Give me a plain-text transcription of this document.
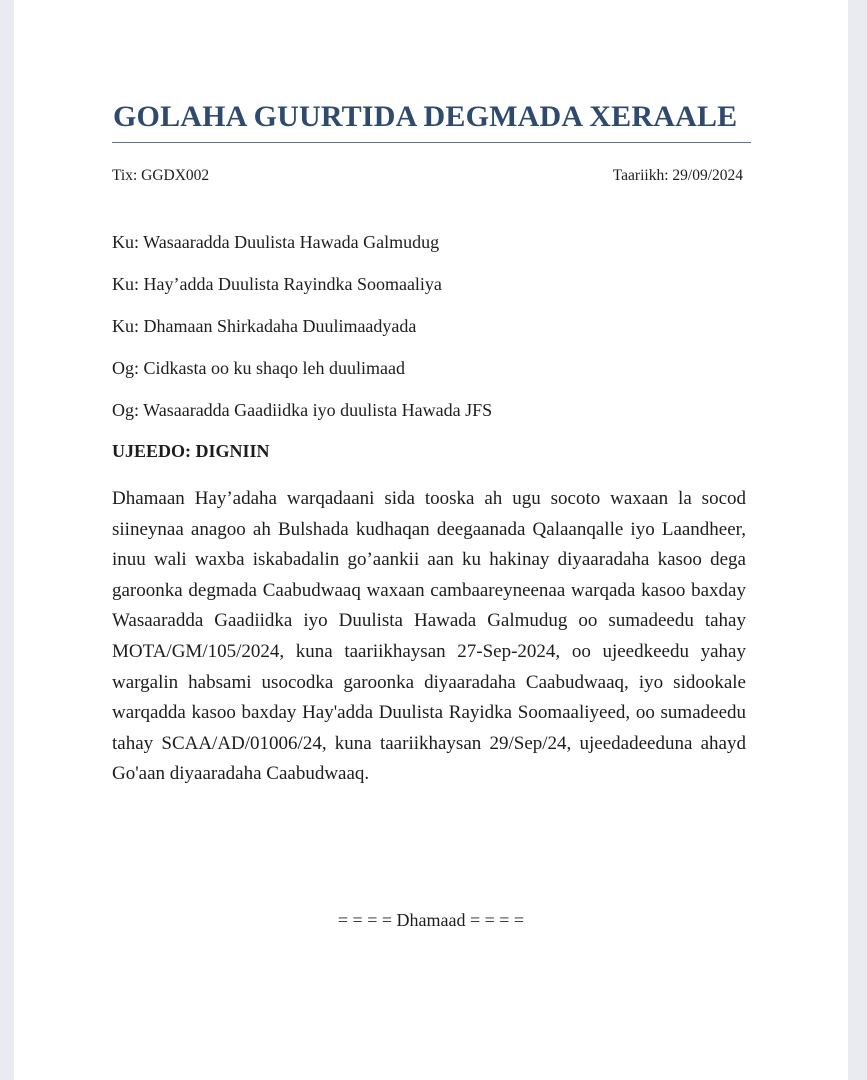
GOLAHA GUURTIDA DEGMADA XERAALE
Tix: GGDX002	Taariikh: 29/09/2024
Ku: Wasaaradda Duulista Hawada Galmudug
Ku: Hay’adda Duulista Rayindka Soomaaliya
Ku: Dhamaan Shirkadaha Duulimaadyada
Og: Cidkasta oo ku shaqo leh duulimaad
Og: Wasaaradda Gaadiidka iyo duulista Hawada JFS
UJEEDO: DIGNIIN

Dhamaan Hay’adaha warqadaani sida tooska ah ugu socoto waxaan la socod siineynaa anagoo ah Bulshada kudhaqan deegaanada Qalaanqalle iyo Laandheer, inuu wali waxba iskabadalin go’aankii aan ku hakinay diyaaradaha kasoo dega garoonka degmada Caabudwaaq waxaan cambaareyneenaa warqada kasoo baxday Wasaaradda Gaadiidka iyo Duulista Hawada Galmudug oo sumadeedu tahay MOTA/GM/105/2024, kuna taariikhaysan 27-Sep-2024, oo ujeedkeedu yahay wargalin habsami usocodka garoonka diyaaradaha Caabudwaaq, iyo sidookale warqadda kasoo baxday Hay'adda Duulista Rayidka Soomaaliyeed, oo sumadeedu tahay SCAA/AD/01006/24, kuna taariikhaysan 29/Sep/24, ujeedadeeduna ahayd Go'aan diyaaradaha Caabudwaaq.

= = = = Dhamaad = = = =
